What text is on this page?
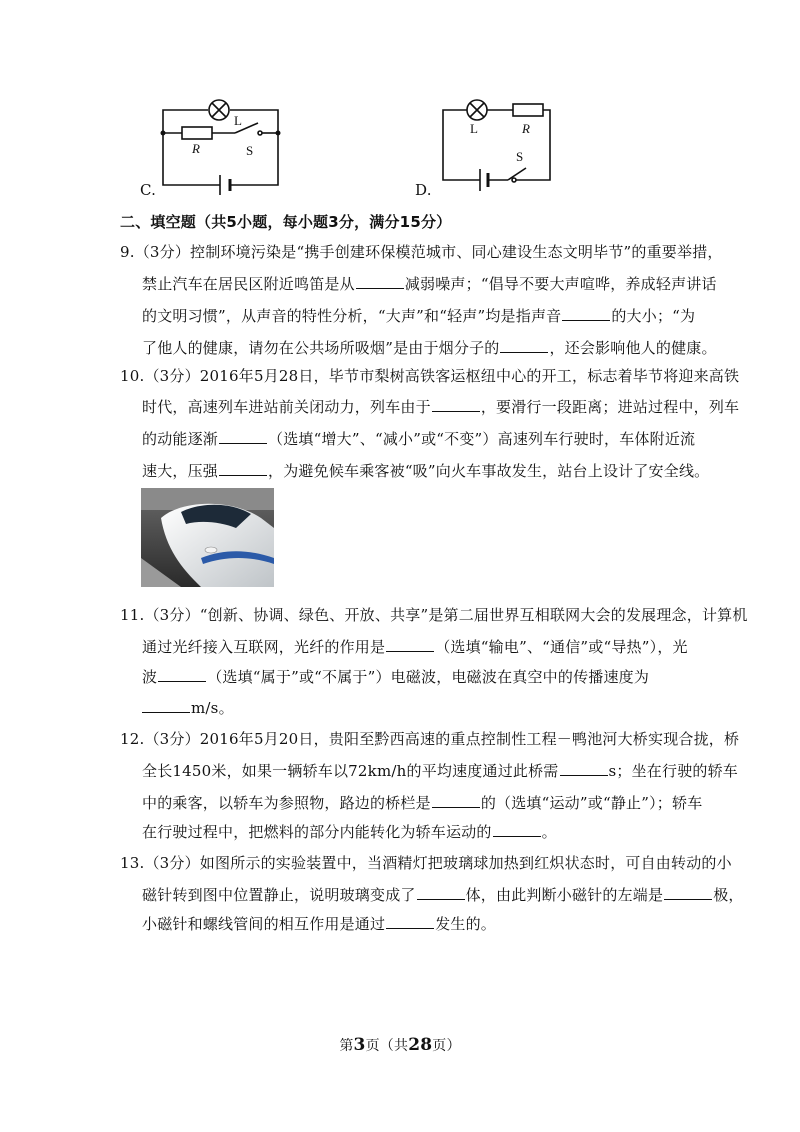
L
R	S
C.
L	R
S
D.
二、填空题（共5小题，每小题3分，满分15分）
9.（3分）控制环境污染是“携手创建环保模范城市、同心建设生态文明毕节”的重要举措，
禁止汽车在居民区附近鸣笛是从	减弱噪声；“倡导不要大声喧哗，养成轻声讲话
的文明习惯”，从声音的特性分析，“大声”和“轻声”均是指声音	的大小；“为
了他人的健康，请勿在公共场所吸烟”是由于烟分子的	，还会影响他人的健康。
10.（3分）2016年5月28日，毕节市梨树高铁客运枢纽中心的开工，标志着毕节将迎来高铁
时代，高速列车进站前关闭动力，列车由于	，要滑行一段距离；进站过程中，列车
的动能逐渐	（选填“增大”、“减小”或“不变”）高速列车行驶时，车体附近流
速大，压强	，为避免候车乘客被“吸”向火车事故发生，站台上设计了安全线。
11.（3分）“创新、协调、绿色、开放、共享”是第二届世界互相联网大会的发展理念，计算机
通过光纤接入互联网，光纤的作用是	（选填“输电”、“通信”或“导热”），光
波	（选填“属于”或“不属于”）电磁波，电磁波在真空中的传播速度为
m/s。
12.（3分）2016年5月20日，贵阳至黔西高速的重点控制性工程－鸭池河大桥实现合拢，桥
全长1450米，如果一辆轿车以72km/h的平均速度通过此桥需	s；坐在行驶的轿车
中的乘客，以轿车为参照物，路边的桥栏是	的（选填“运动”或“静止”）；轿车
在行驶过程中，把燃料的部分内能转化为轿车运动的	。
13.（3分）如图所示的实验装置中，当酒精灯把玻璃球加热到红炽状态时，可自由转动的小
磁针转到图中位置静止，说明玻璃变成了	体，由此判断小磁针的左端是	极，
小磁针和螺线管间的相互作用是通过	发生的。
第3页（共28页）
